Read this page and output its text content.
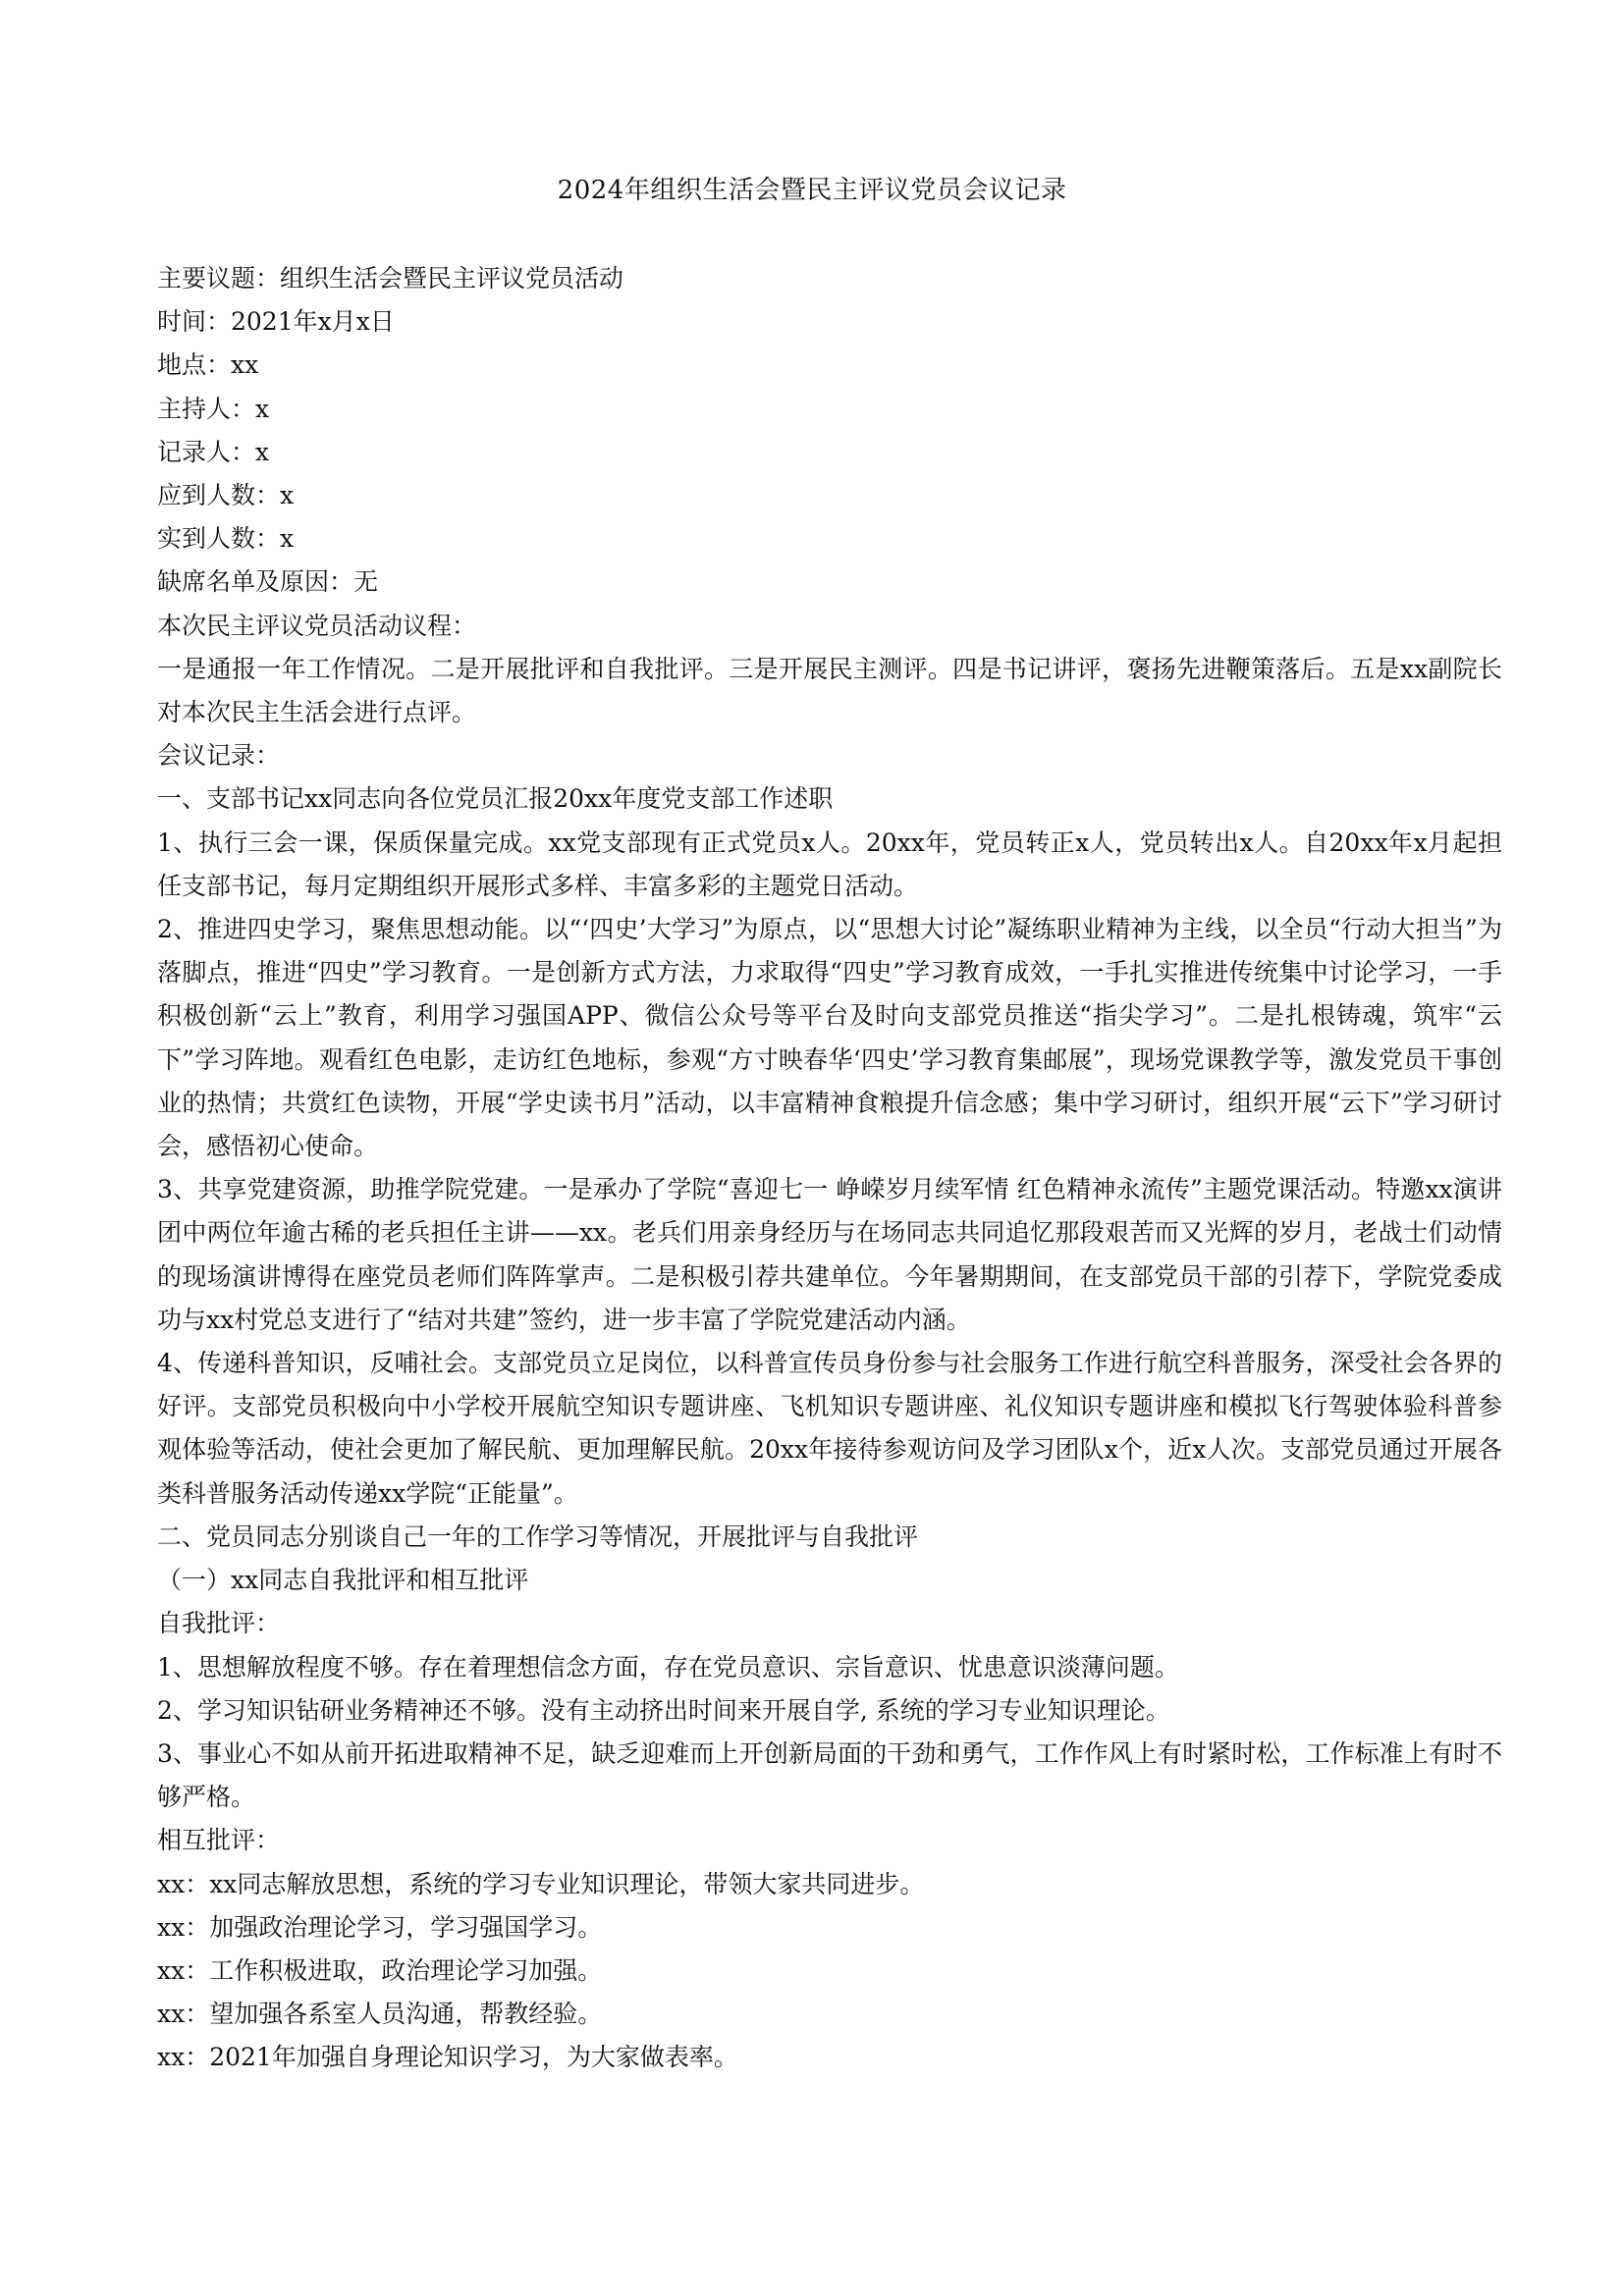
2024年组织生活会暨民主评议党员会议记录

主要议题：组织生活会暨民主评议党员活动

时间：2021年x月x日

地点：xx

主持人：x

记录人：x

应到人数：x

实到人数：x

缺席名单及原因：无

本次民主评议党员活动议程：

一是通报一年工作情况。二是开展批评和自我批评。三是开展民主测评。四是书记讲评，褒扬先进鞭策落后。五是xx副院长对本次民主生活会进行点评。

会议记录：

一、支部书记xx同志向各位党员汇报20xx年度党支部工作述职

1、执行三会一课，保质保量完成。xx党支部现有正式党员x人。20xx年，党员转正x人，党员转出x人。自20xx年x月起担任支部书记，每月定期组织开展形式多样、丰富多彩的主题党日活动。

2、推进四史学习，聚焦思想动能。以“‘四史’大学习”为原点，以“思想大讨论”凝练职业精神为主线，以全员“行动大担当”为落脚点，推进“四史”学习教育。一是创新方式方法，力求取得“四史”学习教育成效，一手扎实推进传统集中讨论学习，一手积极创新“云上”教育，利用学习强国APP、微信公众号等平台及时向支部党员推送“指尖学习”。二是扎根铸魂，筑牢“云下”学习阵地。观看红色电影，走访红色地标，参观“方寸映春华‘四史’学习教育集邮展”，现场党课教学等，激发党员干事创业的热情；共赏红色读物，开展“学史读书月”活动，以丰富精神食粮提升信念感；集中学习研讨，组织开展“云下”学习研讨会，感悟初心使命。

3、共享党建资源，助推学院党建。一是承办了学院“喜迎七一 峥嵘岁月续军情 红色精神永流传”主题党课活动。特邀xx演讲团中两位年逾古稀的老兵担任主讲——xx。老兵们用亲身经历与在场同志共同追忆那段艰苦而又光辉的岁月，老战士们动情的现场演讲博得在座党员老师们阵阵掌声。二是积极引荐共建单位。今年暑期期间，在支部党员干部的引荐下，学院党委成功与xx村党总支进行了“结对共建”签约，进一步丰富了学院党建活动内涵。

4、传递科普知识，反哺社会。支部党员立足岗位，以科普宣传员身份参与社会服务工作进行航空科普服务，深受社会各界的好评。支部党员积极向中小学校开展航空知识专题讲座、飞机知识专题讲座、礼仪知识专题讲座和模拟飞行驾驶体验科普参观体验等活动，使社会更加了解民航、更加理解民航。20xx年接待参观访问及学习团队x个，近x人次。支部党员通过开展各类科普服务活动传递xx学院“正能量”。

二、党员同志分别谈自己一年的工作学习等情况，开展批评与自我批评

（一）xx同志自我批评和相互批评

自我批评：

1、思想解放程度不够。存在着理想信念方面，存在党员意识、宗旨意识、忧患意识淡薄问题。

2、学习知识钻研业务精神还不够。没有主动挤出时间来开展自学, 系统的学习专业知识理论。

3、事业心不如从前开拓进取精神不足，缺乏迎难而上开创新局面的干劲和勇气，工作作风上有时紧时松，工作标准上有时不够严格。

相互批评：

xx：xx同志解放思想，系统的学习专业知识理论，带领大家共同进步。

xx：加强政治理论学习，学习强国学习。

xx：工作积极进取，政治理论学习加强。

xx：望加强各系室人员沟通，帮教经验。

xx：2021年加强自身理论知识学习，为大家做表率。
